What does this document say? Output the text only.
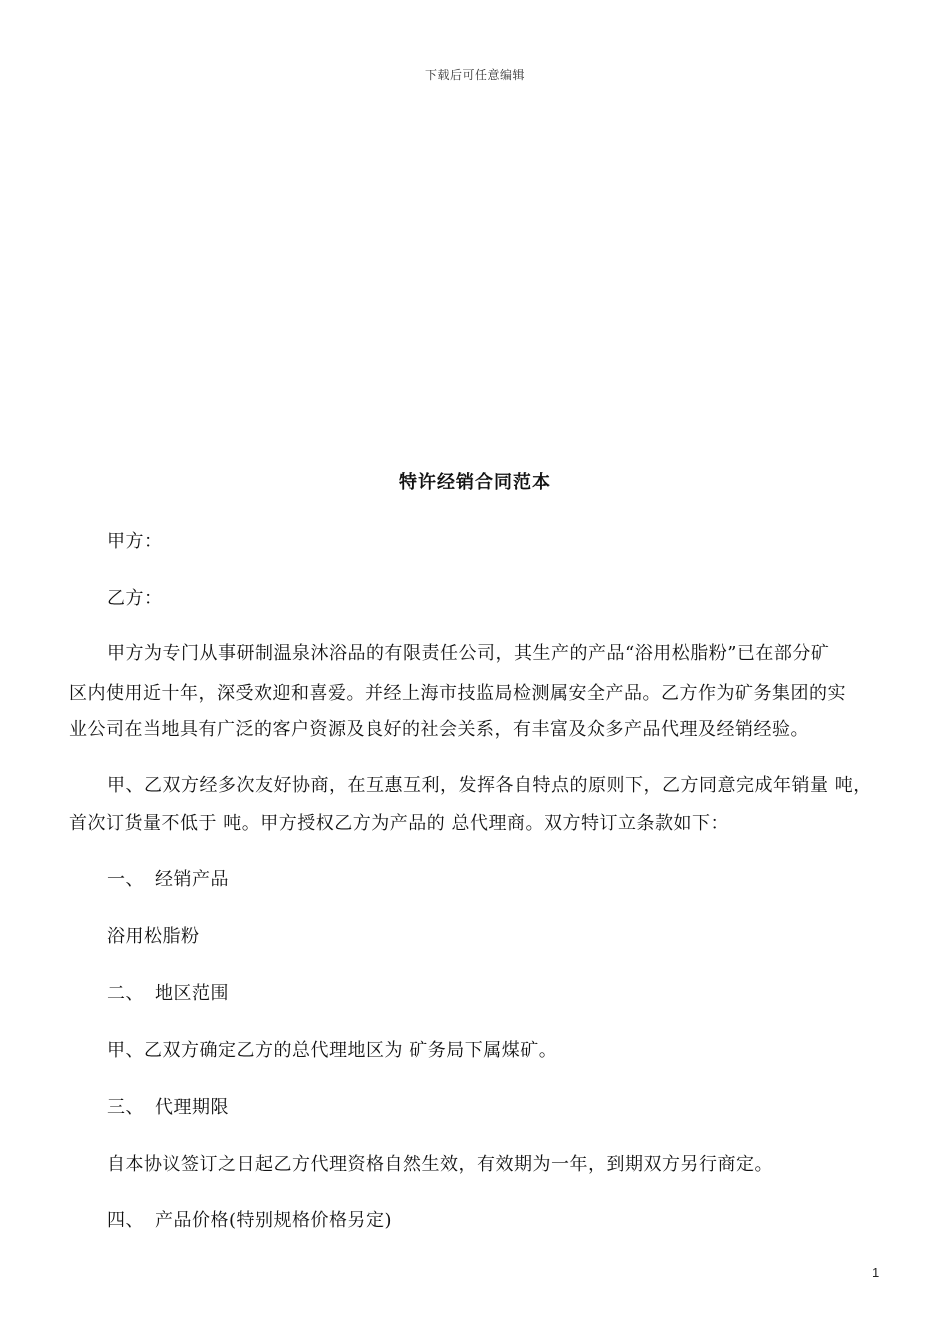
下载后可任意编辑
特许经销合同范本
甲方：
乙方：
甲方为专门从事研制温泉沐浴品的有限责任公司，其生产的产品“浴用松脂粉”已在部分矿
区内使用近十年，深受欢迎和喜爱。并经上海市技监局检测属安全产品。乙方作为矿务集团的实
业公司在当地具有广泛的客户资源及良好的社会关系，有丰富及众多产品代理及经销经验。
甲、乙双方经多次友好协商，在互惠互利，发挥各自特点的原则下，乙方同意完成年销量 吨，
首次订货量不低于 吨。甲方授权乙方为产品的 总代理商。双方特订立条款如下：
一、 经销产品
浴用松脂粉
二、 地区范围
甲、乙双方确定乙方的总代理地区为 矿务局下属煤矿。
三、 代理期限
自本协议签订之日起乙方代理资格自然生效，有效期为一年，到期双方另行商定。
四、 产品价格(特别规格价格另定)
1
